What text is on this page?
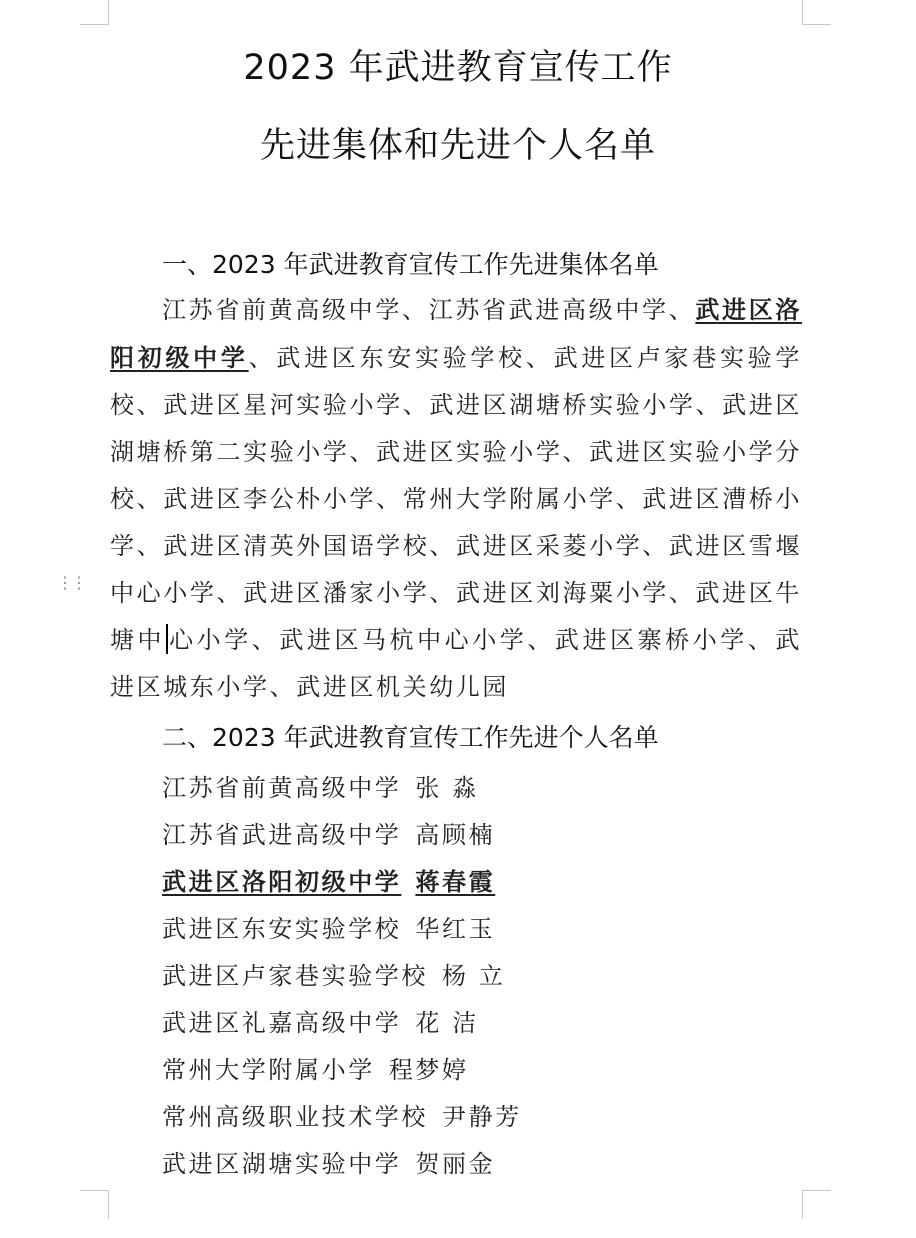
2023 年武进教育宣传工作
先进集体和先进个人名单
一、2023 年武进教育宣传工作先进集体名单
⋮⋮
江苏省前黄高级中学、江苏省武进高级中学、武进区洛阳初级中学、武进区东安实验学校、武进区卢家巷实验学校、武进区星河实验小学、武进区湖塘桥实验小学、武进区湖塘桥第二实验小学、武进区实验小学、武进区实验小学分校、武进区李公朴小学、常州大学附属小学、武进区漕桥小学、武进区清英外国语学校、武进区采菱小学、武进区雪堰中心小学、武进区潘家小学、武进区刘海粟小学、武进区牛塘中 心小学、武进区马杭中心小学、武进区寨桥小学、武进区城东小学、武进区机关幼儿园
二、2023 年武进教育宣传工作先进个人名单
江苏省前黄高级中学 张 淼
江苏省武进高级中学 高顾楠
武进区洛阳初级中学 蒋春霞
武进区东安实验学校 华红玉
武进区卢家巷实验学校 杨 立
武进区礼嘉高级中学 花 洁
常州大学附属小学 程梦婷
常州高级职业技术学校 尹静芳
武进区湖塘实验中学 贺丽金
